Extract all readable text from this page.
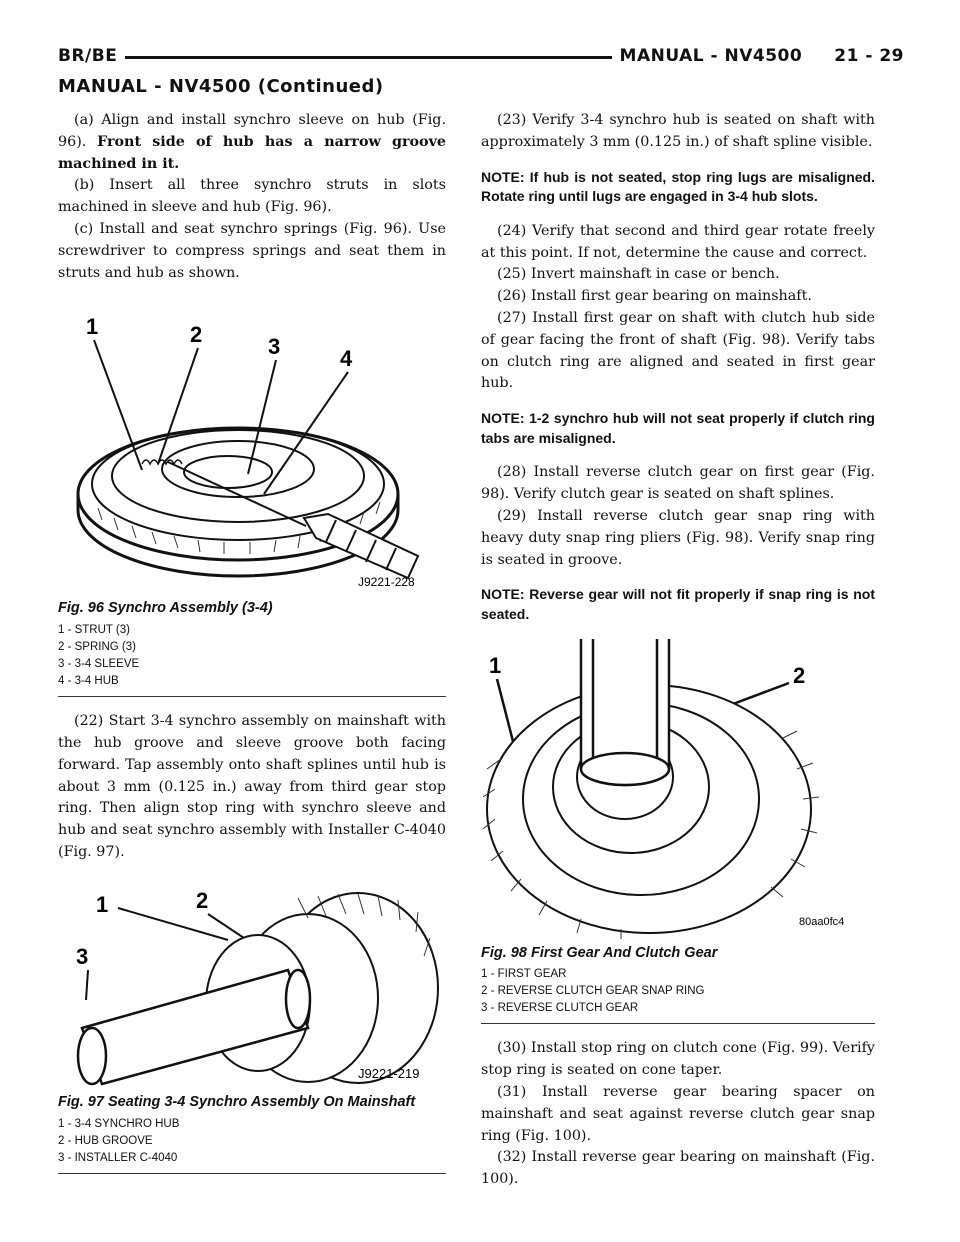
BR/BE	MANUAL - NV4500     21 - 29
MANUAL - NV4500 (Continued)

(a) Align and install synchro sleeve on hub (Fig. 96). Front side of hub has a narrow groove machined in it.

(b) Insert all three synchro struts in slots machined in sleeve and hub (Fig. 96).

(c) Install and seat synchro springs (Fig. 96). Use screwdriver to compress springs and seat them in struts and hub as shown.

1	2	3	4
J9221-228
Fig. 96 Synchro Assembly (3-4)
1 - STRUT (3)
2 - SPRING (3)
3 - 3-4 SLEEVE
4 - 3-4 HUB

(22) Start 3-4 synchro assembly on mainshaft with the hub groove and sleeve groove both facing forward. Tap assembly onto shaft splines until hub is about 3 mm (0.125 in.) away from third gear stop ring. Then align stop ring with synchro sleeve and hub and seat synchro assembly with Installer C-4040 (Fig. 97).

1	2
3
J9221-219
Fig. 97 Seating 3-4 Synchro Assembly On Mainshaft
1 - 3-4 SYNCHRO HUB
2 - HUB GROOVE
3 - INSTALLER C-4040

(23) Verify 3-4 synchro hub is seated on shaft with approximately 3 mm (0.125 in.) of shaft spline visible.

NOTE: If hub is not seated, stop ring lugs are misaligned. Rotate ring until lugs are engaged in 3-4 hub slots.

(24) Verify that second and third gear rotate freely at this point. If not, determine the cause and correct.

(25) Invert mainshaft in case or bench.

(26) Install first gear bearing on mainshaft.

(27) Install first gear on shaft with clutch hub side of gear facing the front of shaft (Fig. 98). Verify tabs on clutch ring are aligned and seated in first gear hub.

NOTE: 1-2 synchro hub will not seat properly if clutch ring tabs are misaligned.

(28) Install reverse clutch gear on first gear (Fig. 98). Verify clutch gear is seated on shaft splines.

(29) Install reverse clutch gear snap ring with heavy duty snap ring pliers (Fig. 98). Verify snap ring is seated in groove.

NOTE: Reverse gear will not fit properly if snap ring is not seated.

1	2
80aa0fc4
Fig. 98 First Gear And Clutch Gear
1 - FIRST GEAR
2 - REVERSE CLUTCH GEAR SNAP RING
3 - REVERSE CLUTCH GEAR

(30) Install stop ring on clutch cone (Fig. 99). Verify stop ring is seated on cone taper.

(31) Install reverse gear bearing spacer on mainshaft and seat against reverse clutch gear snap ring (Fig. 100).

(32) Install reverse gear bearing on mainshaft (Fig. 100).
